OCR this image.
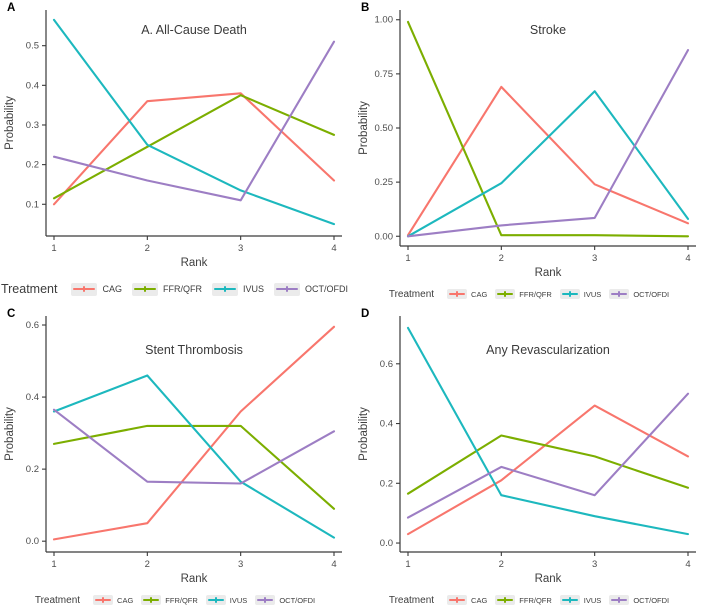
A
0.1
0.2
0.3
0.4
0.5
1	2	3	4
A. All-Cause Death
Rank
Probability
Treatment	CAG	FFR/QFR	IVUS	OCT/OFDI
B
0.00
0.25
0.50
0.75
1.00
1	2	3	4
Stroke
Rank
Probability
Treatment	CAG	FFR/QFR	IVUS	OCT/OFDI
C
0.0
0.2
0.4
0.6
1	2	3	4
Stent Thrombosis
Rank
Probability
Treatment	CAG	FFR/QFR	IVUS	OCT/OFDI
D
0.0
0.2
0.4
0.6
1	2	3	4
Any Revascularization
Rank
Probability
Treatment	CAG	FFR/QFR	IVUS	OCT/OFDI
